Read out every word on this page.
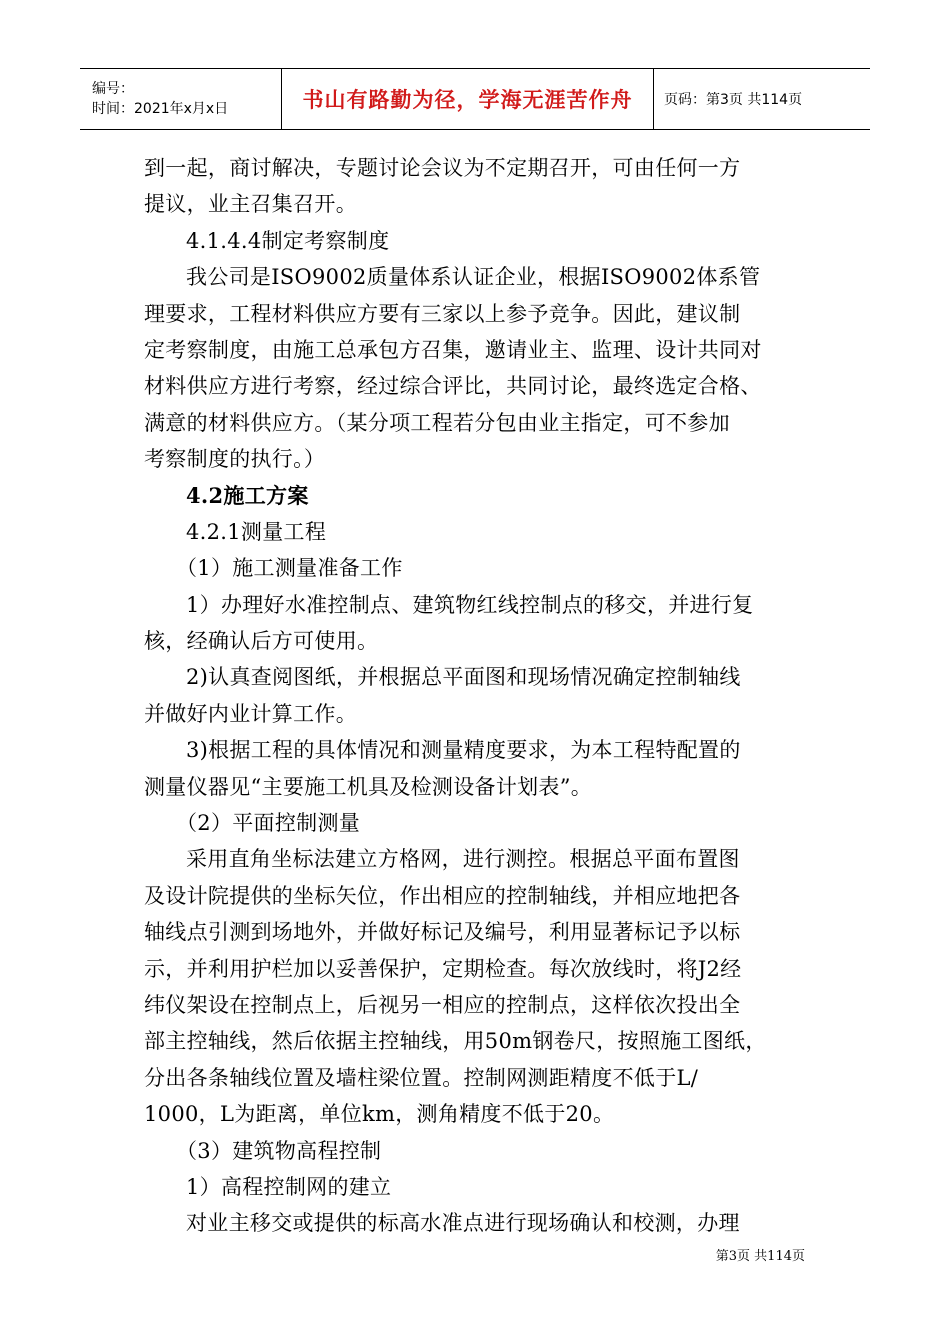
编号：
时间：2021年x月x日	书山有路勤为径，学海无涯苦作舟 页码：第3页 共114页
到一起，商讨解决，专题讨论会议为不定期召开，可由任何一方
提议，业主召集召开。
4.1.4.4制定考察制度
我公司是ISO9002质量体系认证企业，根据ISO9002体系管
理要求，工程材料供应方要有三家以上参予竞争。因此，建议制
定考察制度，由施工总承包方召集，邀请业主、监理、设计共同对
材料供应方进行考察，经过综合评比，共同讨论，最终选定合格、
满意的材料供应方。（某分项工程若分包由业主指定，可不参加
考察制度的执行。）
4.2施工方案
4.2.1测量工程
（1）施工测量准备工作
1）办理好水准控制点、建筑物红线控制点的移交，并进行复
核，经确认后方可使用。
2)认真查阅图纸，并根据总平面图和现场情况确定控制轴线
并做好内业计算工作。
3)根据工程的具体情况和测量精度要求，为本工程特配置的
测量仪器见“主要施工机具及检测设备计划表”。
（2）平面控制测量
采用直角坐标法建立方格网，进行测控。根据总平面布置图
及设计院提供的坐标矢位，作出相应的控制轴线，并相应地把各
轴线点引测到场地外，并做好标记及编号，利用显著标记予以标
示，并利用护栏加以妥善保护，定期检查。每次放线时，将J2经
纬仪架设在控制点上，后视另一相应的控制点，这样依次投出全
部主控轴线，然后依据主控轴线，用50m钢卷尺，按照施工图纸，
分出各条轴线位置及墙柱梁位置。控制网测距精度不低于L/
1000，L为距离，单位km，测角精度不低于20。
（3）建筑物高程控制
1）高程控制网的建立
对业主移交或提供的标高水准点进行现场确认和校测，办理
第3页 共114页
